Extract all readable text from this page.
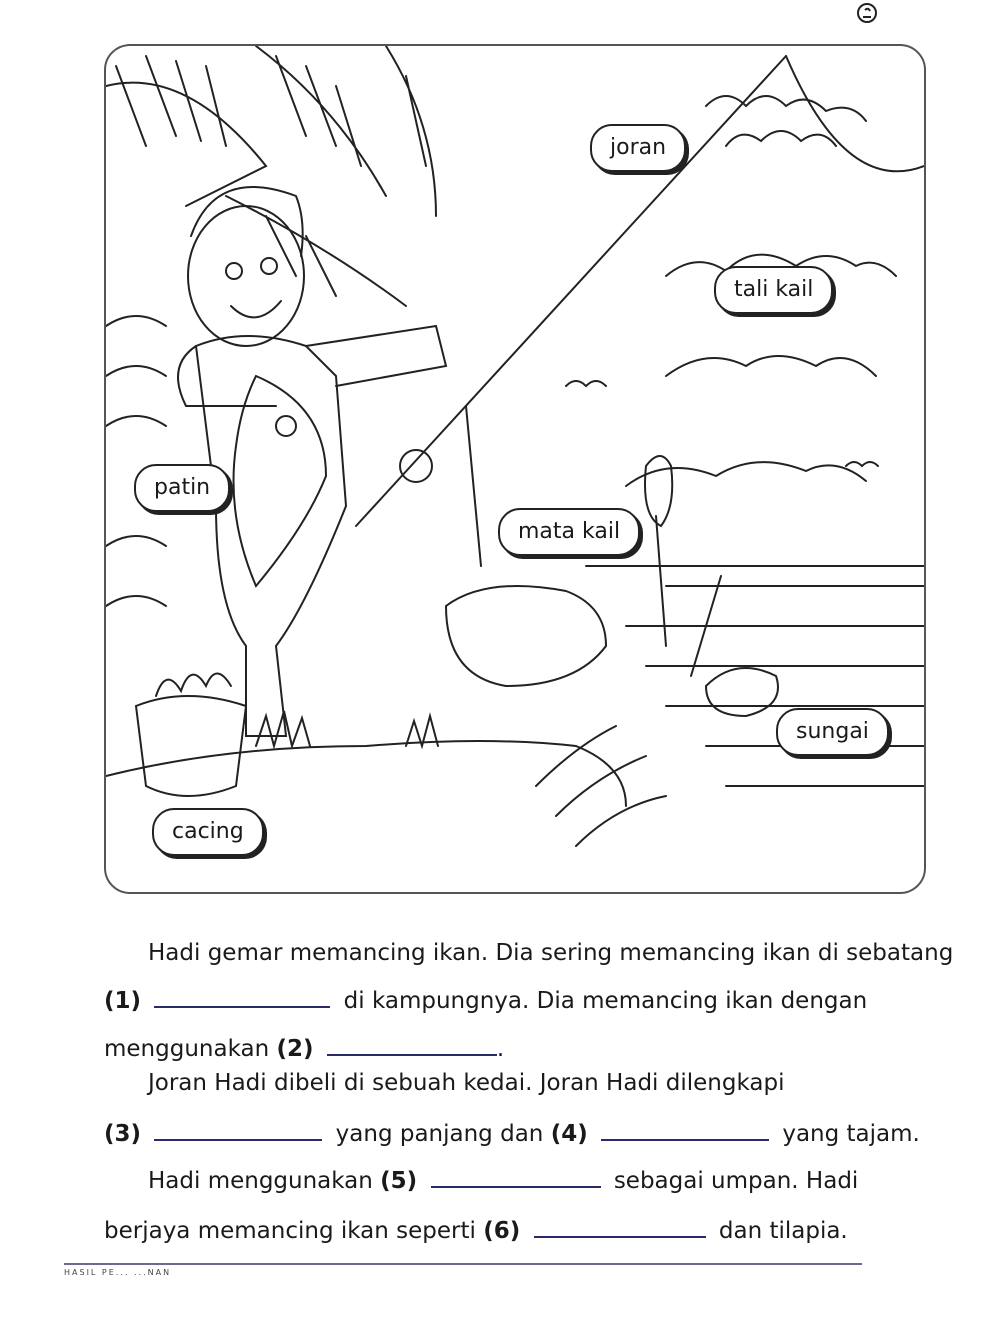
joran
tali kail
patin
mata kail
sungai
cacing
Hadi gemar memancing ikan. Dia sering memancing ikan di sebatang
(1)	di kampungnya. Dia memancing ikan dengan
menggunakan (2)	.
Joran Hadi dibeli di sebuah kedai. Joran Hadi dilengkapi
(3)	yang panjang dan (4)	yang tajam.
Hadi menggunakan (5)	sebagai umpan. Hadi
berjaya memancing ikan seperti (6)	dan tilapia.
HASIL PE... ...NAN
